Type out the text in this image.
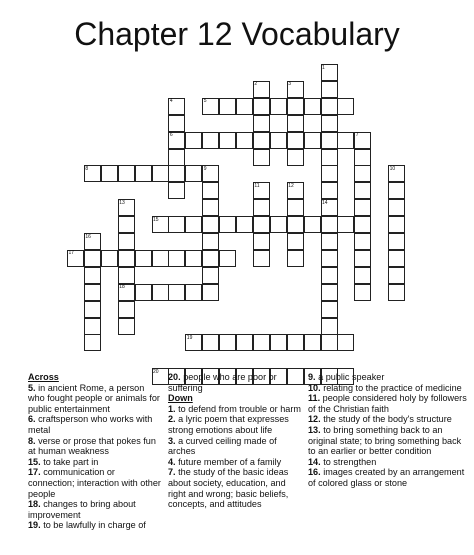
Chapter 12 Vocabulary
1
2	3
4	5
6	7
8	9	10
11	12
13	14
15
16
17
18
19
20
Across

5. in ancient Rome, a person who fought people or animals for public entertainment

6. craftsperson who works with metal

8. verse or prose that pokes fun at human weakness

15. to take part in

17. communication or connection; interaction with other people

18. changes to bring about improvement

19. to be lawfully in charge of

20. people who are poor or suffering

Down

1. to defend from trouble or harm

2. a lyric poem that expresses strong emotions about life

3. a curved ceiling made of arches

4. future member of a family

7. the study of the basic ideas about society, education, and right and wrong; basic beliefs, concepts, and attitudes

9. a public speaker

10. relating to the practice of medicine

11. people considered holy by followers of the Christian faith

12. the study of the body's structure

13. to bring something back to an original state; to bring something back to an earlier or better condition

14. to strengthen

16. images created by an arrangement of colored glass or stone
